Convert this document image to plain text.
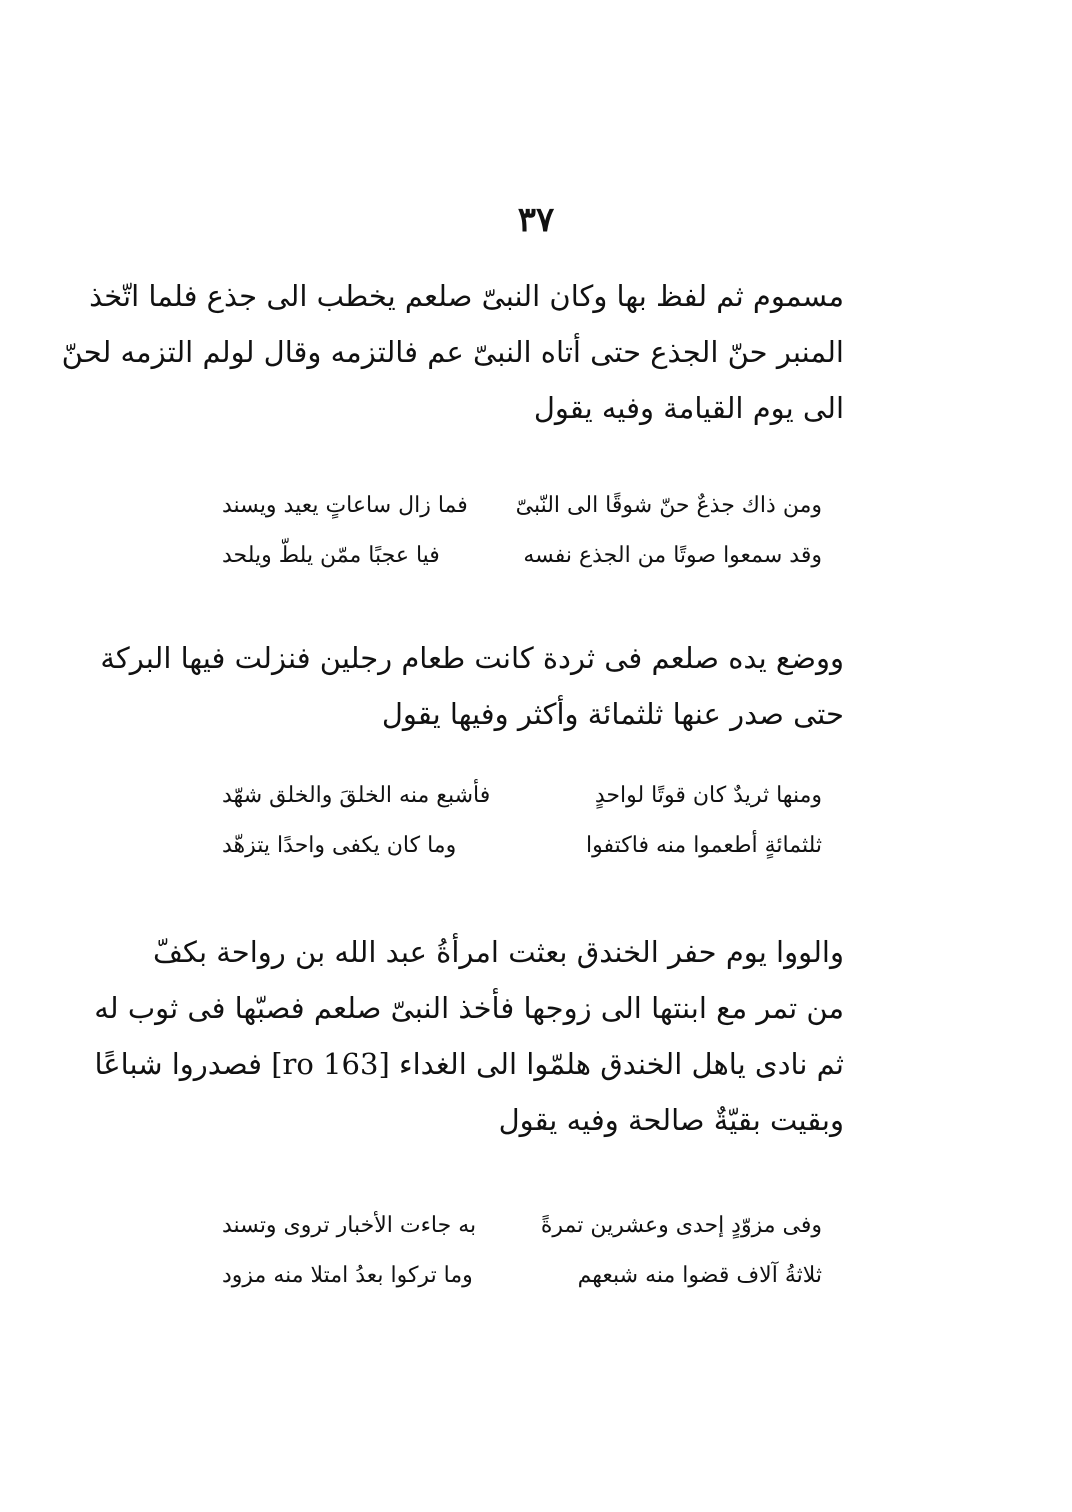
٣٧
مسموم ثم لفظ بها وكان النبىّ صلعم يخطب الى جذع فلما اتّخذ
المنبر حنّ الجذع حتى أتاه النبىّ عم فالتزمه وقال لولم التزمه لحنّ
الى يوم القيامة وفيه يقول
ومن ذاك جذعٌ حنّ شوقًا الى النّبىّ
فما زال ساعاتٍ يعيد ويسند
وقد سمعوا صوتًا من الجذع نفسه
فيا عجبًا ممّن يلطّ ويلحد
ووضع يده صلعم فى ثردة كانت طعام رجلين فنزلت فيها البركة
حتى صدر عنها ثلثمائة وأكثر وفيها يقول
ومنها ثريدٌ كان قوتًا لواحدٍ
فأشبع منه الخلقَ والخلق شهّد
ثلثمائةٍ أطعموا منه فاكتفوا
وما كان يكفى واحدًا يتزهّد
والووا يوم حفر الخندق بعثت امرأةُ عبد الله بن رواحة بكفّ
من تمر مع ابنتها الى زوجها فأخذ النبىّ صلعم فصبّها فى ثوب له
ثم نادى ياهل الخندق هلمّوا الى الغداء [163 ro] فصدروا شباعًا
وبقيت بقيّةٌ صالحة وفيه يقول
وفى مزوّدٍ إحدى وعشرين تمرةً
به جاءت الأخبار تروى وتسند
ثلاثةُ آلاف قضوا منه شبعهم
وما تركوا بعدُ امتلا منه مزود
